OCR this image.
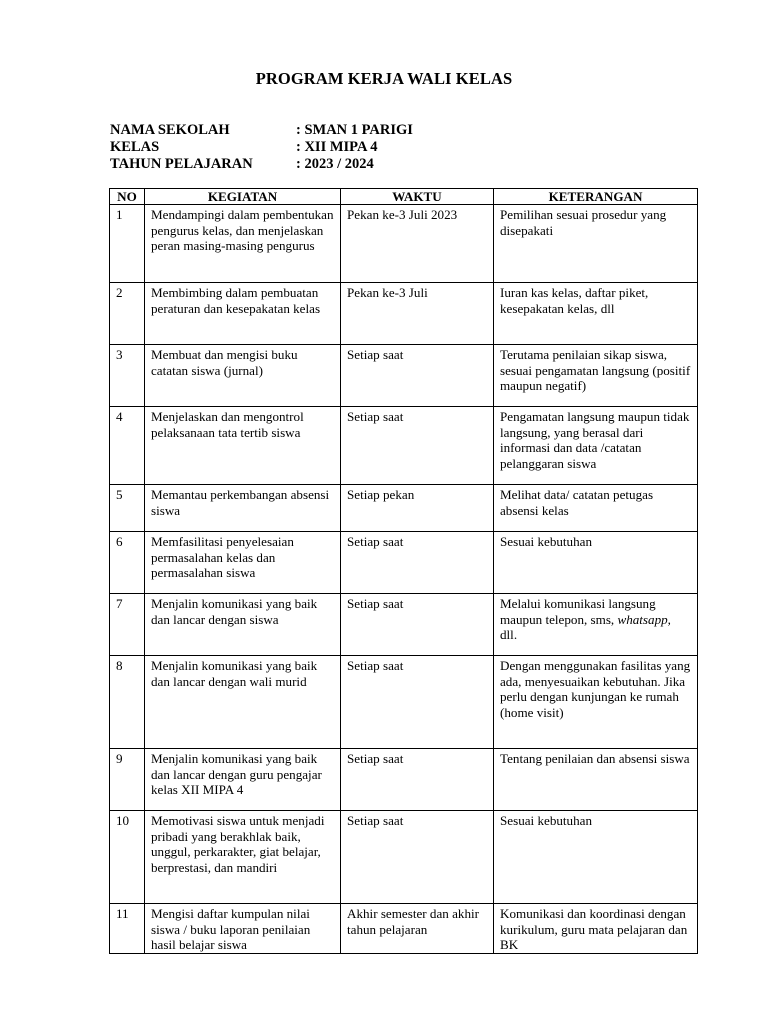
PROGRAM KERJA WALI KELAS
NAMA SEKOLAH	: SMAN 1 PARIGI
KELAS	: XII MIPA 4
TAHUN PELAJARAN	: 2023 / 2024
NO	KEGIATAN	WAKTU	KETERANGAN
1	Mendampingi dalam pembentukan pengurus kelas, dan menjelaskan peran masing-masing pengurus	Pekan ke-3 Juli 2023	Pemilihan sesuai prosedur yang disepakati
2	Membimbing dalam pembuatan peraturan dan kesepakatan kelas	Pekan ke-3 Juli	Iuran kas kelas, daftar piket, kesepakatan kelas, dll
3	Membuat dan mengisi buku catatan siswa (jurnal)	Setiap saat	Terutama penilaian sikap siswa, sesuai pengamatan langsung (positif maupun negatif)
4	Menjelaskan dan mengontrol pelaksanaan tata tertib siswa	Setiap saat	Pengamatan langsung maupun tidak langsung, yang berasal dari informasi dan data /catatan pelanggaran siswa
5	Memantau perkembangan absensi siswa	Setiap pekan	Melihat data/ catatan petugas absensi kelas
6	Memfasilitasi penyelesaian permasalahan kelas dan permasalahan siswa	Setiap saat	Sesuai kebutuhan
7	Menjalin komunikasi yang baik dan lancar dengan siswa	Setiap saat	Melalui komunikasi langsung maupun telepon, sms, whatsapp, dll.
8	Menjalin komunikasi yang baik dan lancar dengan wali murid	Setiap saat	Dengan menggunakan fasilitas yang ada, menyesuaikan kebutuhan. Jika perlu dengan kunjungan ke rumah (home visit)
9	Menjalin komunikasi yang baik dan lancar dengan guru pengajar kelas XII MIPA 4	Setiap saat	Tentang penilaian dan absensi siswa
10	Memotivasi siswa untuk menjadi pribadi yang berakhlak baik, unggul, perkarakter, giat belajar, berprestasi, dan mandiri	Setiap saat	Sesuai kebutuhan
11	Mengisi daftar kumpulan nilai siswa / buku laporan penilaian hasil belajar siswa	Akhir semester dan akhir tahun pelajaran	Komunikasi dan koordinasi dengan kurikulum, guru mata pelajaran dan BK
